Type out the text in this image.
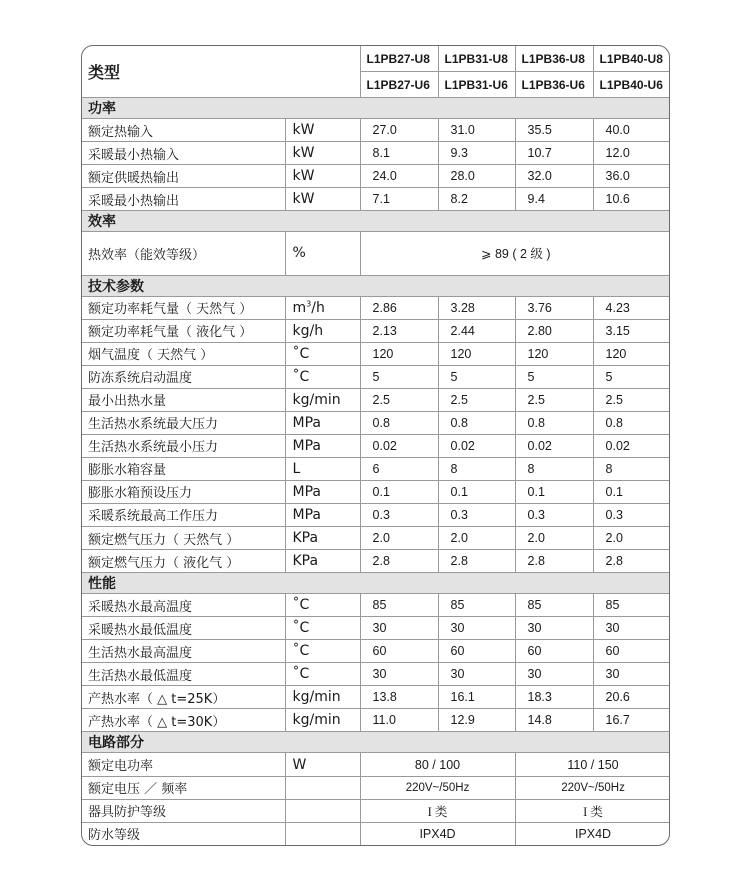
类型		L1PB27-U8	L1PB31-U8	L1PB36-U8	L1PB40-U8	
		L1PB27-U6	L1PB31-U6	L1PB36-U6	L1PB40-U6	
功率						
额定热输入	kW	27.0	31.0	35.5	40.0	
采暖最小热输入	kW	8.1	9.3	10.7	12.0	
额定供暖热输出	kW	24.0	28.0	32.0	36.0	
采暖最小热输出	kW	7.1	8.2	9.4	10.6	
效率						
热效率（能效等级）	%	⩾ 89 ( 2 级 )				
技术参数						
额定功率耗气量（ 天然气 ）	$m^3/h$	2.86	3.28	3.76	4.23	
额定功率耗气量（ 液化气 ）	kg/h	2.13	2.44	2.80	3.15	
烟气温度（ 天然气 ）	˚C	120	120	120	120	
防冻系统启动温度	˚C	5	5	5	5	
最小出热水量	kg/min	2.5	2.5	2.5	2.5	
生活热水系统最大压力	MPa	0.8	0.8	0.8	0.8	
生活热水系统最小压力	MPa	0.02	0.02	0.02	0.02	
膨胀水箱容量	L	6	8	8	8	
膨胀水箱预设压力	MPa	0.1	0.1	0.1	0.1	
采暖系统最高工作压力	MPa	0.3	0.3	0.3	0.3	
额定燃气压力（ 天然气 ）	KPa	2.0	2.0	2.0	2.0	
额定燃气压力（ 液化气 ）	KPa	2.8	2.8	2.8	2.8	
性能						
采暖热水最高温度	˚C	85	85	85	85	
采暖热水最低温度	˚C	30	30	30	30	
生活热水最高温度	˚C	60	60	60	60	
生活热水最低温度	˚C	30	30	30	30	
产热水率（ △ t=25K）	kg/min	13.8	16.1	18.3	20.6	
产热水率（ △ t=30K）	kg/min	11.0	12.9	14.8	16.7	
电路部分						
额定电功率	W	80 / 100		110 / 150	
额定电压 ／ 频率		220V~/50Hz		220V~/50Hz	
器具防护等级		I 类		I 类	
防水等级		IPX4D		IPX4D	
